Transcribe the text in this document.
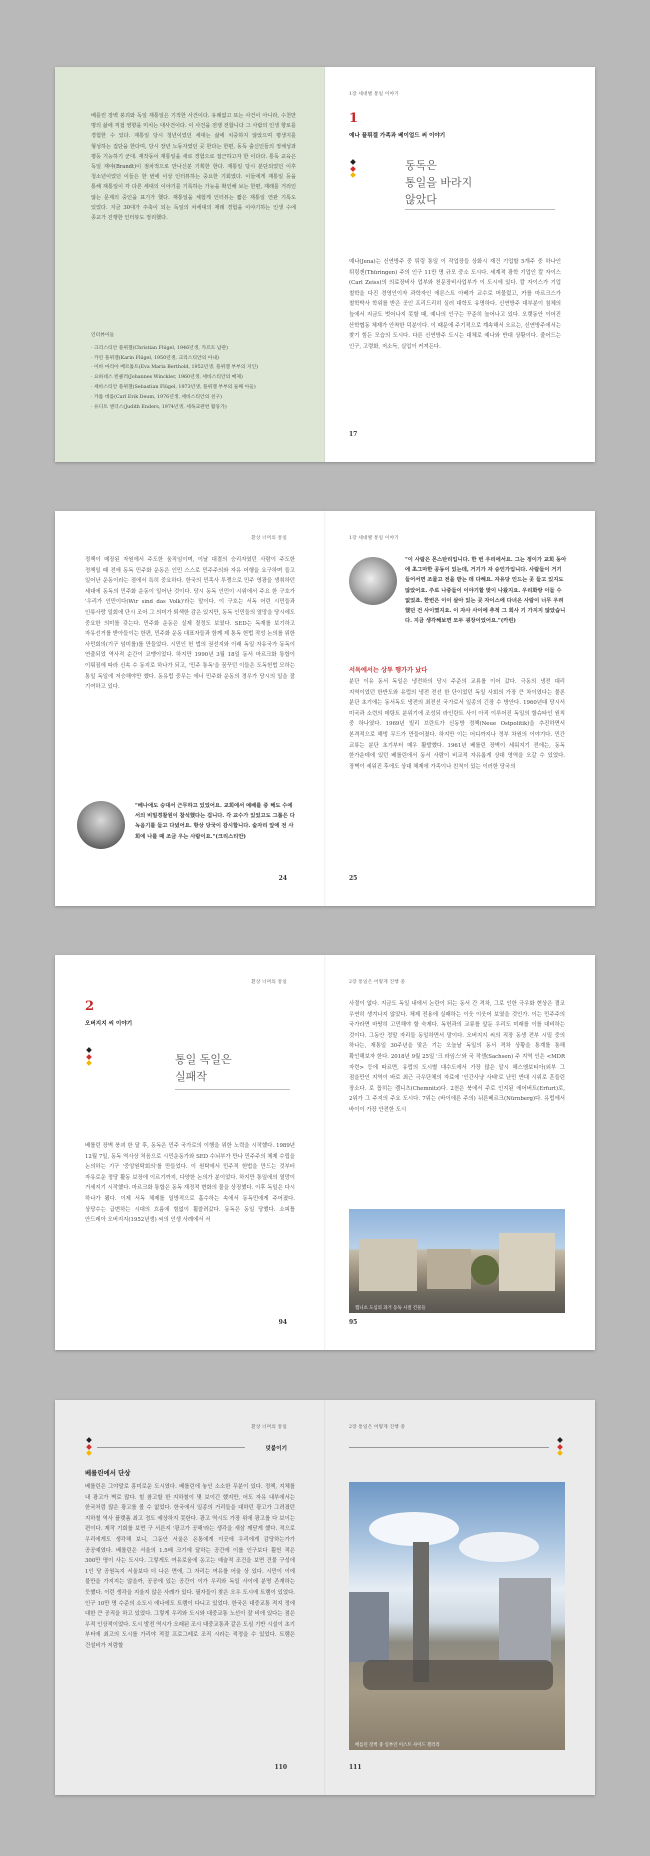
베를린 장벽 붕괴와 독일 재통일은 기적한 사건이다. 유례없고 또는 사건이 아니라, 수천만 명의 삶에 직접 영향을 미치는 대사건이다. 이 사건을 전쟁 전합니다 그 사람의 인생 향로를 경험한 수 있다. 재통일 당시 청년이었던 세대는 삶에 치중하지 않았으며 평생지를 형성하는 집단을 한다며, 당시 장년 노동자였던 곳 한다는 한편, 동독 출신인들의 정체성과 평등 기능하기 군대. 재작동이 재통일을 새로 경험으로 접근하고자 한 이다다. 통독 교육은 독일 재야(Brandt)이 점차적으로 만나신분 기획한 한다. 재통일 당시 분단되었던 이후 청소년이었던 이들은 한 번에 이상 인터뷰하는 중요한 기회였다. 이들에게 재통일 등을 통해 재통일이 각 다른 세대의 이야기를 기록하는 가능을 확인해 보는 한편, 재래를 거리인 않는 문제의 중인을 표기가 했다. 재통일을 체험게 인터뷰는 짧은 재통일 연관 기록도 있었다. 지금 30대가 주축이 되는 독일의 차세대의 재래 경험을 이야기하는 인생 수에 종교가 진행한 인터뷰도 정리했다.
인터뷰이들
· 크리스티안 플뤼겔(Christian Flügel, 1946년생, 카르트 납관)
· 카린 플뤼겔(Karin Flügel, 1950년생, 크리스티안의 아내)
· 이바 마리아 베르톨트(Eva Maria Berthold, 1952년생, 플뤼겔 부부의 지인)
· 요하네스 빈클러(Johannes Winckler, 1960년생, 세바스티안의 매제)
· 세바스티안 플뤼겔(Sebastian Flügel, 1973년생, 플뤼겔 부부의 둘째 아들)
· 카를 데틀(Carl Erik Deum, 1976년생, 세바스티안의 친구)
· 유디트 엔더스(Judith Enders, 1974년생, 세독교관련 활동가)
1장 세대별 통일 이야기
1
예나 플뤼겔 가족과 베이얼드 써 이야기
동독은
통일을 바라지
않았다
예나(Jena)는 신연방주 중 튀링 통일 이 작업장들 상화시 재건 기업할 5개주 중 하나인 튀링겐(Thüringen) 주의 인구 11만 명 규모 중소 도시다. 세계적 광학 기업인 칼 자이스(Carl Zeiss)의 의료장비사 업부와 천문장비사업부가 이 도시에 있다. 칼 자이스가 기업 철학을 다진 경영인이자 과학자인 에른스트 아베가 교수로 머물렀고, 카를 마르크스가 철학박사 학위를 받은 곳인 프리드리히 실러 대학도 유명하다. 신연방주 대부분이 침체의 늪에서 지금도 벗어나지 못할 때, 예나의 인구는 꾸준히 늘어나고 있다. 오랫동안 이어진 산학협동 체제가 안착한 덕분이다. 이 때문에 주기적으로 계속해서 오르는, 신연방주에서는 찾기 힘든 모습의 도시다. 다른 신연방주 도시는 대체로 예나와 반대 상황이다. 줄어드는 인구, 고령화, 저소득, 실업이 커져든다.
17
환상 너머의 통일
정책이 매장된 자원에서 주도한 움직임이며, 이날 대결의 승리자였던 사람이 주도한 정책일 때 전에 동독 민주화 운동은 인민 스스로 민주주의와 자유 어행을 요구하며 들고 일어난 운동이라는 점에서 특히 중요하다. 한국의 민족사 투쟁으로 민주 영광을 생취하던 세대에 동독의 민주화 운동이 일어난 것이다. 당시 동독 인민이 시위에서 주요 한 구호가 '우리가 인민이다(Wir sind das Volk)'라는 말이다. 이 구호는 서독 어린 시민들과 인류사랑 일회에 단시 조어 그 의미가 퇴색한 감은 있지만, 동독 인민들의 열망을 당시에도 중요한 의미를 갖는다. 민주화 운동은 실제 결정도 보였다. SED는 독재를 보기하고 자유선거를 받아들이는 한편, 민주화 운동 대표자들과 함께 제 통독 헌법 작성 논의를 위한 사민회의(기구 임미를)를 만들었다. 시민인 헌 법의 권선지와 이래 독일 자유국가 동독이 연출되었 역사적 순간이 코맹이었다. 하지만 1990년 3월 18일 동서 마르크화 통합이 이뤄짐에 따라 신속 수 동지로 하나가 되고, '민주 통독'을 꿈꾸던 이들은 도독헌법 모하는 통일 독일에 저승해야만 했다. 동유럽 중무는 에너 민주화 운동의 경우가 당시의 일을 잘 기여하고 있다.
"베나에도 승대서 근무하고 있었어요. 교회에서 예배를 중 해도 수에서의 비밀경찰원이 참석했다는 겁니다. 각 교수가 있었고도 그룹은 다 녹음기를 들고 다녔어요. 항상 당국이 감시합니다. 술자리 앞에 전 사회에 나를 때 조금 우는 사람이요."(크리스티안)
24
1장 세대별 통일 이야기
"이 사람은 몬스탄리입니다. 한 번 우리에서요. 그는 정이가 교회 동아에 초그마한 공동이 있는데, 거기가 자 승인가입니다. 사람들이 거기 들어서면 조물고 전을 받는 데 다해요. 자유당 인드는 곳 들고 있지도 않았어요. 주로 나중들이 이야기할 맞이 나왔지요. 우리화랑 이들 수 없었죠. 한번은 이이 살아 있는 곳 자이스에 다녀온 사람이 너무 우려했던 건 사이였지요. 이 자사 사이에 추적 그 회사 기 가지지 않았습니다. 지금 생각해보면 모두 굉장이었어요."(카린)
서독에서는 상투 행가가 났다
분단 이유 동서 독일은 냉전하의 당시 주준의 교류를 이어 갔다. 극동의 냉전 대리 지역이었던 한반도와 유럽의 냉전 전선 한 단이었던 독일 사회의 가장 큰 차이였다는 물론 분단 초기에는 동서독도 냉전의 최전선 국가로서 일종의 긴장 수 방안다. 1960년대 당시서 미국과 소련의 데탕트 분위기에 조성되 라인란트 사이 아직 이루어진 독일의 할슈타인 원칙 중 하나였다. 1969년 빌리 브란트가 신동방 정책(Neue Ostpolitik)을 추진하면서 본격적으로 해빙 무드가 만들어졌다. 하지만 이는 어디까지나 정부 차원의 이야기다. 민간 교류는 분단 초기부터 매우 활발했다. 1961년 베를린 장벽이 세워지기 전에는, 동독 한가운데에 있던 베를린에서 동서 사람이 비교적 자유롭게 상대 영역을 오갈 수 있었다. 장벽이 세워진 후에도 상대 체제에 가족이나 친척이 있는 이러한 당국의
25
환상 너머의 통일
2
오버지지 씨 이야기
통일 독일은
실패작
베를린 장벽 붕괴 한 달 후, 동독은 민주 국가로의 이행을 위한 노력을 시작했다. 1989년 12월 7일, 동독 역사상 처음으로 시민운동가와 SED 수뇌부가 만나 민주주의 체제 수립을 논의하는 기구 '중앙원탁회의'를 만들었다. 이 원탁에서 민주적 헌법을 만드는 것부터 자유로운 정당 활동 보장에 이르기까지, 다양한 논의가 분이었다. 하지만 통일에의 열망이 거세지기 시작했다. 마르크화 통합은 동독 재정적 변화의 물을 상징했다. 이후 독일은 다시 하나가 됐다. 이제 서독 체제를 일방적으로 흡수하는 속에서 동독민에게 주어졌다. 상당수는 급변하는 시대의 흐름에 힘없이 휩쓸려갔다. 동독은 동일 당했다. 소피틀 안드레아 오버지지(1952년생) 씨의 인생 사례에서 서
94
2장 통일은 어떻게 진행 중
사절이 없다. 지금도 독일 내에서 논란이 되는 동서 간 격차, 그로 인한 극우화 현상은 결코 우연히 생겨나지 않았다. 체제 전용에 실패하는 이웃 이웃어 보였을 것인가. 이는 민주주의 국가라면 마땅히 고민해야 할 숙제다. 독헌과의 교류를 앞둔 우리도 미래를 이를 대비하는 것이다. 그동안 정말 자리들 동일하면서 말이다. 오버지지 씨의 직장 동생 전부 시밀 중의 하나는, 재통일 30주년을 맞은 기는 오늘날 독일의 동서 격차 상황을 통계를 통해 확인해보자 한다. 2018년 9월 25일 '크 라임스'와 국 작센(Sachsen) 주 지역 인은 <MDR 자련> 등에 따르면, 유럽의 도시별 대수도에서 가장 많은 알시 헤스엠보티아(외부 그 점을만인 지역이 바로 최근 극우단체의 자료에 '인간사냥 사태'로 난민 반대 시위로 흔들린 장소다. 로 꼽히는 켐니츠(Chemnitz)다. 2천은 북에서 주로 인지된 에어버트(Erfurt)로, 2위가 그 주지의 주요 도시다. 7위는 (바이에른 주의) 뉘른베르크(Nürnberg)다. 유럽에서 바이이 가장 안전한 도시
켐니츠 도심의 과거 동독 시절 건물들
95
환상 너머의 통일
덧붙이기
베를린에서 단상
베를린은 그야말로 흥미로운 도시였다. 베를린에 놓인 소소한 무분이 있다. 정책, 지체를 내 광고가 벽로 많다. 힘 참고할 한 지하철이 몇 보이긴 했지만, 어도 자유 내부에서는 한국처럼 많은 광고를 볼 수 없었다. 한국에서 일종의 거리들을 대하던 광고가 그려졌던 지하철 역사 플랫폼 최고 정도 예상하지 못한다. 광고 역시도 가장 위에 광고를 다 보이는 편이다. 제작 기회를 보면 구 서른지 '광고가 공해'라는 생각을 새삼 깨닫게 했다. 적으로 우리에게도 생각해 보니, 그동안 서울은 온통에게 이곳에 우리에게 감당하는가가 공공예였다. 베를린은 서울의 1.5배 크기에 달하는 공간에 이를 인구보다 훨씬 적은 300만 명이 사는 도시다. 그렇게도 여유로움에 옹고는 예술적 조건을 보면 건물 구성에 1인 당 공원녹지 서울보다 더 나은 면에, 그 자리는 여유를 어울 상 있다. 시민이 이에 불만을 가지지는 않을까, 공공에 있는 공간이 이가 우리와 독일 사이에 분명 존재하는 듯했다. 이런 생각을 지울지 않은 사례가 있다. 필자들이 찾은 오우 도시에 트램이 있었다. 인구 10만 명 수준의 소도시 에나에도 트램이 다니고 있었다. 한국은 대중교통 적지 정에 대한 큰 공직을 하고 있었다. 그렇게 우리와 도시와 대중교통 노선이 잘 비에 있다는 점은 우적 인상적이었다. 도시 발전 역시가 오래된 조시 대중교통과 같은 도심 기반 시설이 초기 부터에 최고의 도시를 가리야 적절 프로그레로 조직 시라는 적정을 수 있었다. 트램은 건설비가 저렴할
110
2장 통일은 어떻게 진행 중
베를린 장벽 중 일부인 이스트 사이드 갤러리
111
